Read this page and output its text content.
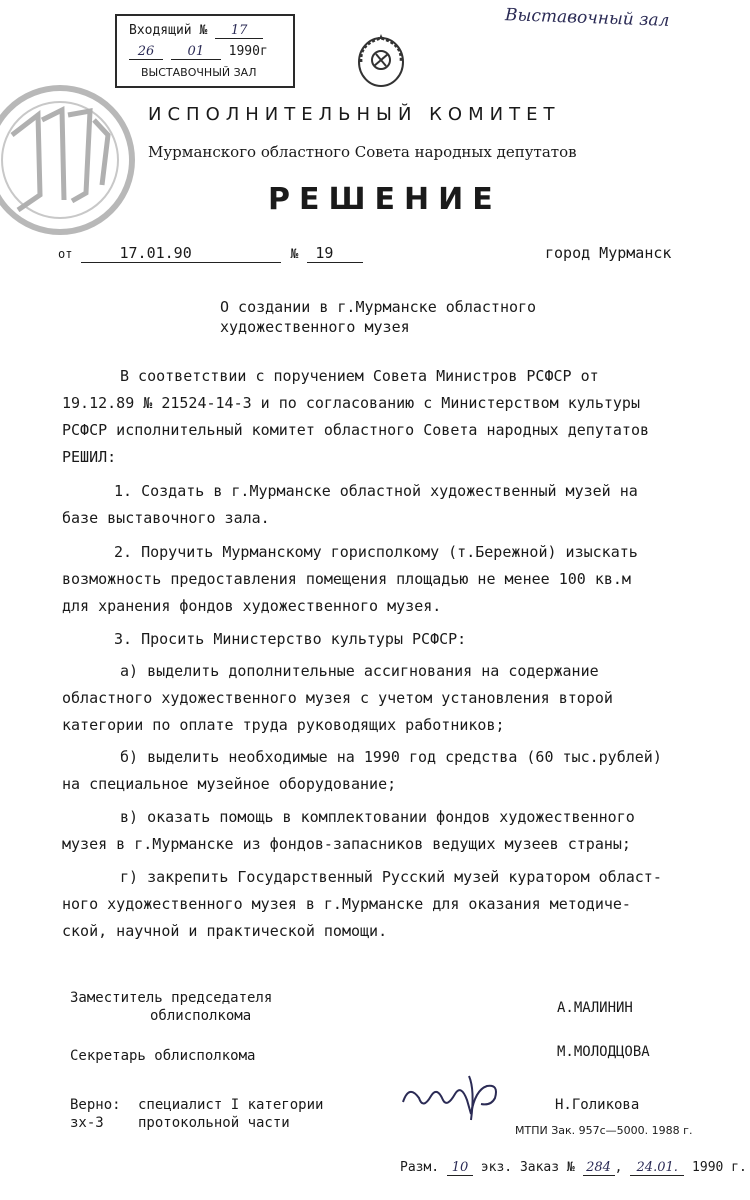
Входящий № 17
26	01 1990г
ВЫСТАВОЧНЫЙ ЗАЛ
Выставочный зал
ИСПОЛНИТЕЛЬНЫЙ КОМИТЕТ
Мурманского областного Совета народных депутатов
РЕШЕНИЕ
от	17.01.90	№ 19	город Мурманск
О создании в г.Мурманске областного
художественного музея
В соответствии с поручением Совета Министров РСФСР от
19.12.89 № 21524-14-3 и по согласованию с Министерством культуры
РСФСР исполнительный комитет областного Совета народных депутатов
РЕШИЛ:
1. Создать в г.Мурманске областной художественный музей на
базе выставочного зала.
2. Поручить Мурманскому горисполкому (т.Бережной) изыскать
возможность предоставления помещения площадью не менее 100 кв.м
для хранения фондов художественного музея.
3. Просить Министерство культуры РСФСР:
а) выделить дополнительные ассигнования на содержание
областного художественного музея с учетом установления второй
категории по оплате труда руководящих работников;
б) выделить необходимые на 1990 год средства (60 тыс.рублей)
на специальное музейное оборудование;
в) оказать помощь в комплектовании фондов художественного
музея в г.Мурманске из фондов-запасников ведущих музеев страны;
г) закрепить Государственный Русский музей куратором област-
ного художественного музея в г.Мурманске для оказания методиче-
ской, научной и практической помощи.
Заместитель председателя
облисполкома	А.МАЛИНИН
Секретарь облисполкома	М.МОЛОДЦОВА
Верно: специалист I категории
зх-3 протокольной части
Н.Голикова
МТПИ Зак. 957с—5000. 1988 г.
Разм. 10 экз. Заказ № 284 , 24.01. 1990 г.
